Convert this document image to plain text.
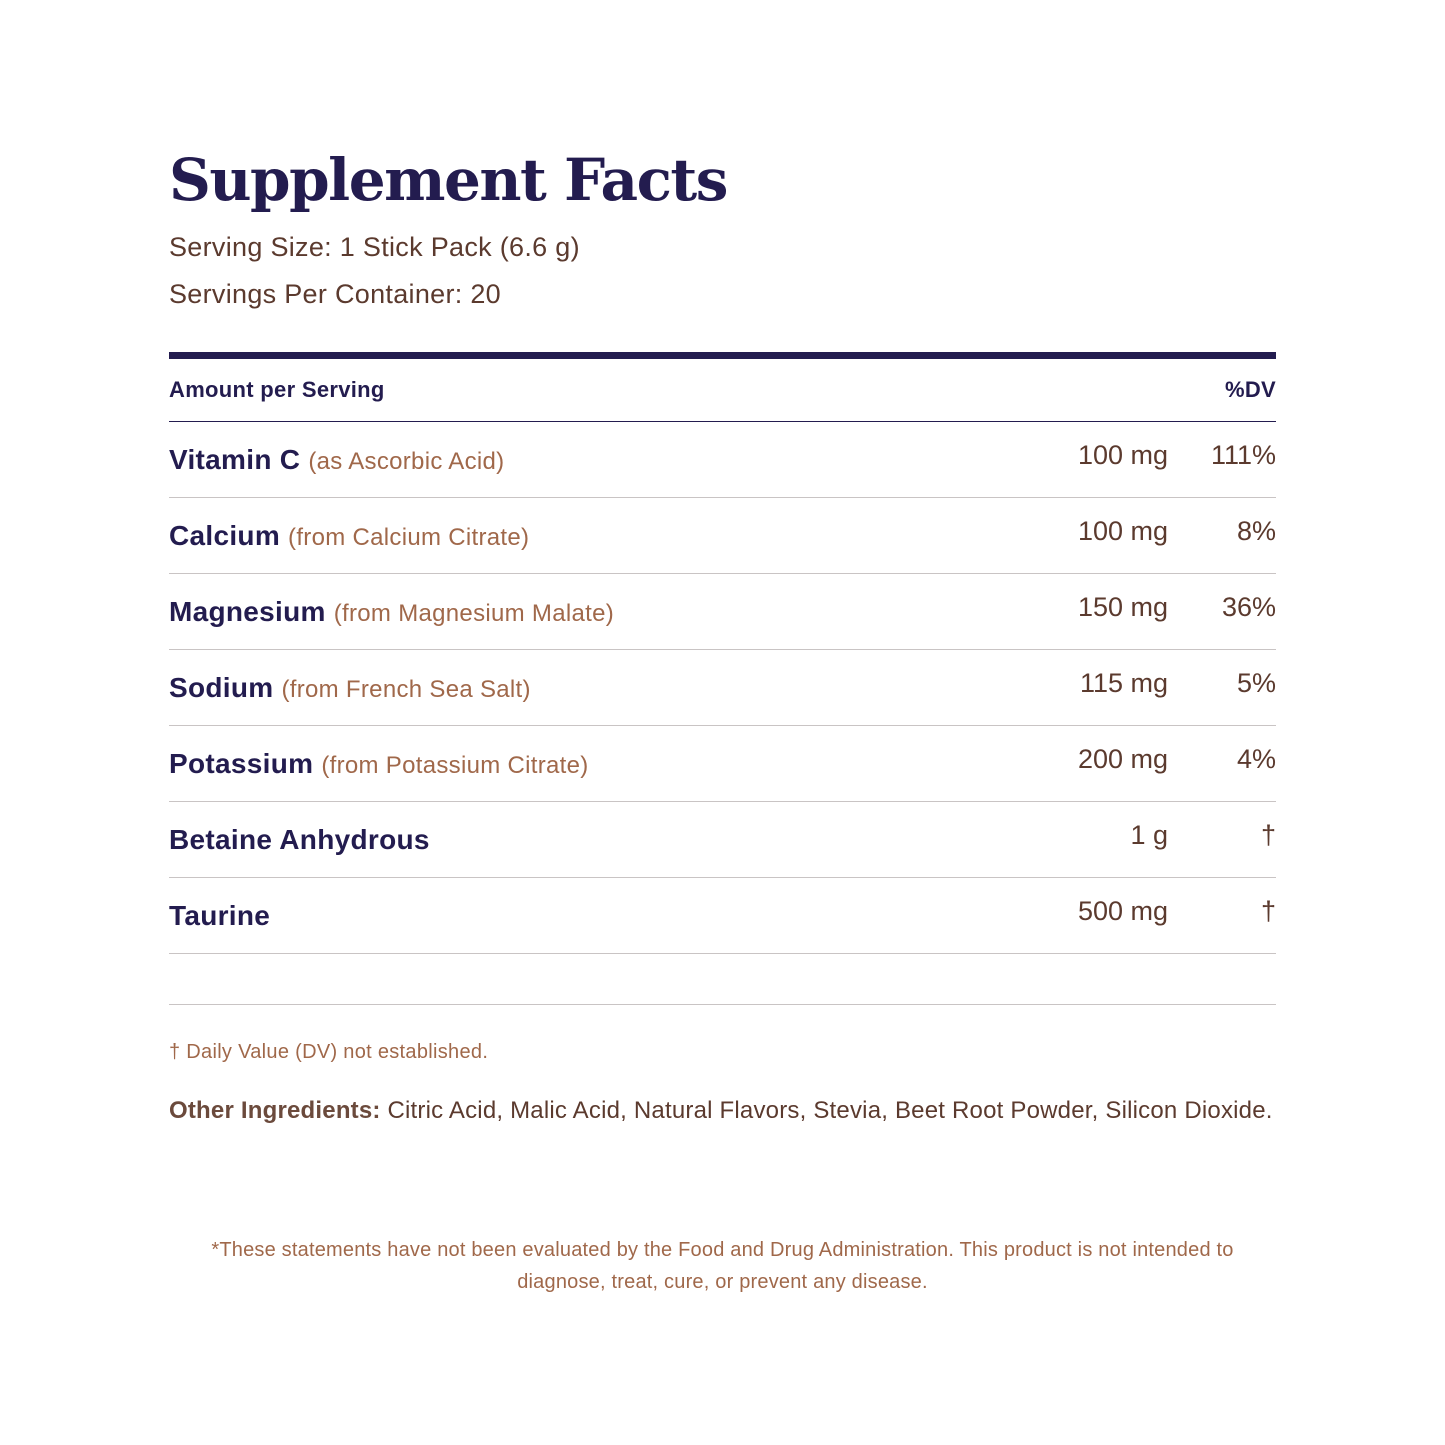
Supplement Facts

Serving Size: 1 Stick Pack (6.6 g)

Servings Per Container: 20

Amount per Serving	%DV
Vitamin C (as Ascorbic Acid)	100 mg	111%
Calcium (from Calcium Citrate)	100 mg	8%
Magnesium (from Magnesium Malate)	150 mg	36%
Sodium (from French Sea Salt)	115 mg	5%
Potassium (from Potassium Citrate)	200 mg	4%
Betaine Anhydrous	1 g	†
Taurine	500 mg	†
† Daily Value (DV) not established.
Other Ingredients: Citric Acid, Malic Acid, Natural Flavors, Stevia, Beet Root Powder, Silicon Dioxide.
*These statements have not been evaluated by the Food and Drug Administration. This product is not intended to diagnose, treat, cure, or prevent any disease.
